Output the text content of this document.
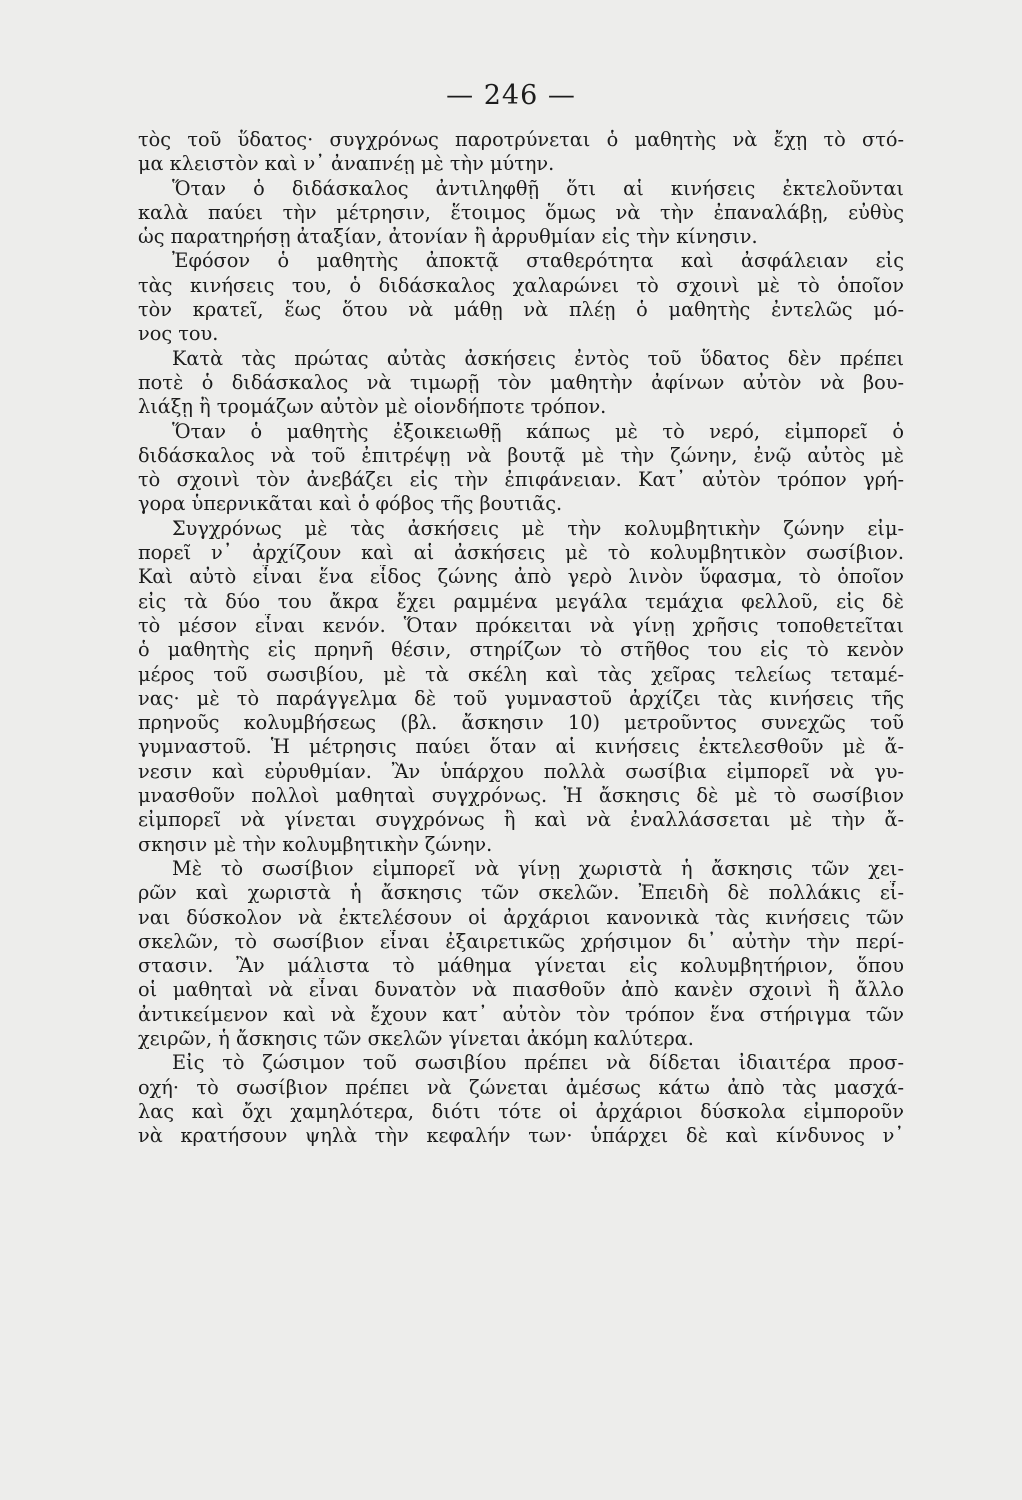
— 246 —
τὸς τοῦ ὕδατος· συγχρόνως παροτρύνεται ὁ μαθητὴς νὰ ἔχῃ τὸ στό-
μα κλειστὸν καὶ ν᾽ ἀναπνέῃ μὲ τὴν μύτην.
Ὅταν ὁ διδάσκαλος ἀντιληφθῇ ὅτι αἱ κινήσεις ἐκτελοῦνται
καλὰ παύει τὴν μέτρησιν, ἕτοιμος ὅμως νὰ τὴν ἐπαναλάβῃ, εὐθὺς
ὡς παρατηρήσῃ ἀταξίαν, ἀτονίαν ἢ ἀρρυθμίαν εἰς τὴν κίνησιν.
Ἐφόσον ὁ μαθητὴς ἀποκτᾷ σταθερότητα καὶ ἀσφάλειαν εἰς
τὰς κινήσεις του, ὁ διδάσκαλος χαλαρώνει τὸ σχοινὶ μὲ τὸ ὁποῖον
τὸν κρατεῖ, ἕως ὅτου νὰ μάθῃ νὰ πλέῃ ὁ μαθητὴς ἐντελῶς μό-
νος του.
Κατὰ τὰς πρώτας αὐτὰς ἀσκήσεις ἐντὸς τοῦ ὕδατος δὲν πρέπει
ποτὲ ὁ διδάσκαλος νὰ τιμωρῇ τὸν μαθητὴν ἀφίνων αὐτὸν νὰ βου-
λιάξῃ ἢ τρομάζων αὐτὸν μὲ οἱονδήποτε τρόπον.
Ὅταν ὁ μαθητὴς ἐξοικειωθῇ κάπως μὲ τὸ νερό, εἰμπορεῖ ὁ
διδάσκαλος νὰ τοῦ ἐπιτρέψῃ νὰ βουτᾷ μὲ τὴν ζώνην, ἐνῷ αὐτὸς μὲ
τὸ σχοινὶ τὸν ἀνεβάζει εἰς τὴν ἐπιφάνειαν. Κατ᾽ αὐτὸν τρόπον γρή-
γορα ὑπερνικᾶται καὶ ὁ φόβος τῆς βουτιᾶς.
Συγχρόνως μὲ τὰς ἀσκήσεις μὲ τὴν κολυμβητικὴν ζώνην εἰμ-
πορεῖ ν᾽ ἀρχίζουν καὶ αἱ ἀσκήσεις μὲ τὸ κολυμβητικὸν σωσίβιον.
Καὶ αὐτὸ εἶναι ἕνα εἶδος ζώνης ἀπὸ γερὸ λινὸν ὕφασμα, τὸ ὁποῖον
εἰς τὰ δύο του ἄκρα ἔχει ραμμένα μεγάλα τεμάχια φελλοῦ, εἰς δὲ
τὸ μέσον εἶναι κενόν. Ὅταν πρόκειται νὰ γίνῃ χρῆσις τοποθετεῖται
ὁ μαθητὴς εἰς πρηνῆ θέσιν, στηρίζων τὸ στῆθος του εἰς τὸ κενὸν
μέρος τοῦ σωσιβίου, μὲ τὰ σκέλη καὶ τὰς χεῖρας τελείως τεταμέ-
νας· μὲ τὸ παράγγελμα δὲ τοῦ γυμναστοῦ ἀρχίζει τὰς κινήσεις τῆς
πρηνοῦς κολυμβήσεως (βλ. ἄσκησιν 10) μετροῦντος συνεχῶς τοῦ
γυμναστοῦ. Ἡ μέτρησις παύει ὅταν αἱ κινήσεις ἐκτελεσθοῦν μὲ ἄ-
νεσιν καὶ εὐρυθμίαν. Ἂν ὑπάρχου πολλὰ σωσίβια εἰμπορεῖ νὰ γυ-
μνασθοῦν πολλοὶ μαθηταὶ συγχρόνως. Ἡ ἄσκησις δὲ μὲ τὸ σωσίβιον
εἰμπορεῖ νὰ γίνεται συγχρόνως ἢ καὶ νὰ ἐναλλάσσεται μὲ τὴν ἄ-
σκησιν μὲ τὴν κολυμβητικὴν ζώνην.
Μὲ τὸ σωσίβιον εἰμπορεῖ νὰ γίνῃ χωριστὰ ἡ ἄσκησις τῶν χει-
ρῶν καὶ χωριστὰ ἡ ἄσκησις τῶν σκελῶν. Ἐπειδὴ δὲ πολλάκις εἶ-
ναι δύσκολον νὰ ἐκτελέσουν οἱ ἀρχάριοι κανονικὰ τὰς κινήσεις τῶν
σκελῶν, τὸ σωσίβιον εἶναι ἐξαιρετικῶς χρήσιμον δι᾽ αὐτὴν τὴν περί-
στασιν. Ἂν μάλιστα τὸ μάθημα γίνεται εἰς κολυμβητήριον, ὅπου
οἱ μαθηταὶ νὰ εἶναι δυνατὸν νὰ πιασθοῦν ἀπὸ κανὲν σχοινὶ ἢ ἄλλο
ἀντικείμενον καὶ νὰ ἔχουν κατ᾽ αὐτὸν τὸν τρόπον ἕνα στήριγμα τῶν
χειρῶν, ἡ ἄσκησις τῶν σκελῶν γίνεται ἀκόμη καλύτερα.
Εἰς τὸ ζώσιμον τοῦ σωσιβίου πρέπει νὰ δίδεται ἰδιαιτέρα προσ-
οχή· τὸ σωσίβιον πρέπει νὰ ζώνεται ἀμέσως κάτω ἀπὸ τὰς μασχά-
λας καὶ ὄχι χαμηλότερα, διότι τότε οἱ ἀρχάριοι δύσκολα εἰμποροῦν
νὰ κρατήσουν ψηλὰ τὴν κεφαλήν των· ὑπάρχει δὲ καὶ κίνδυνος ν᾽
